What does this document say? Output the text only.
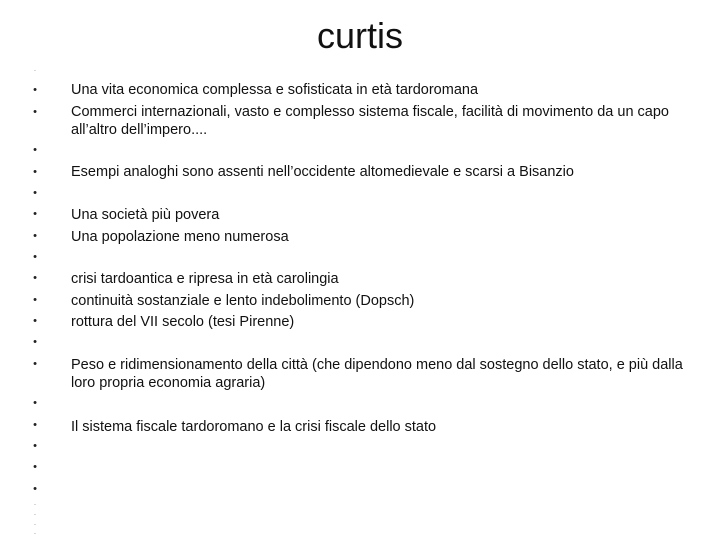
curtis
·
•
•
•
•
•
•
•
•
•
•
•
•
•
•
•
•
•
•
·
·
·
·
Una vita economica complessa e sofisticata in età tardoromana
Commerci internazionali, vasto e complesso sistema fiscale, facilità di movimento da un capo all’altro dell’impero....
Esempi analoghi sono assenti nell’occidente altomedievale e scarsi a Bisanzio
Una società più povera
Una popolazione meno numerosa
crisi tardoantica e ripresa in età carolingia
continuità sostanziale e lento indebolimento (Dopsch)
rottura del VII secolo (tesi Pirenne)
Peso e ridimensionamento della città (che dipendono meno dal sostegno dello stato, e più dalla loro propria economia agraria)
Il sistema fiscale tardoromano e la crisi fiscale dello stato
